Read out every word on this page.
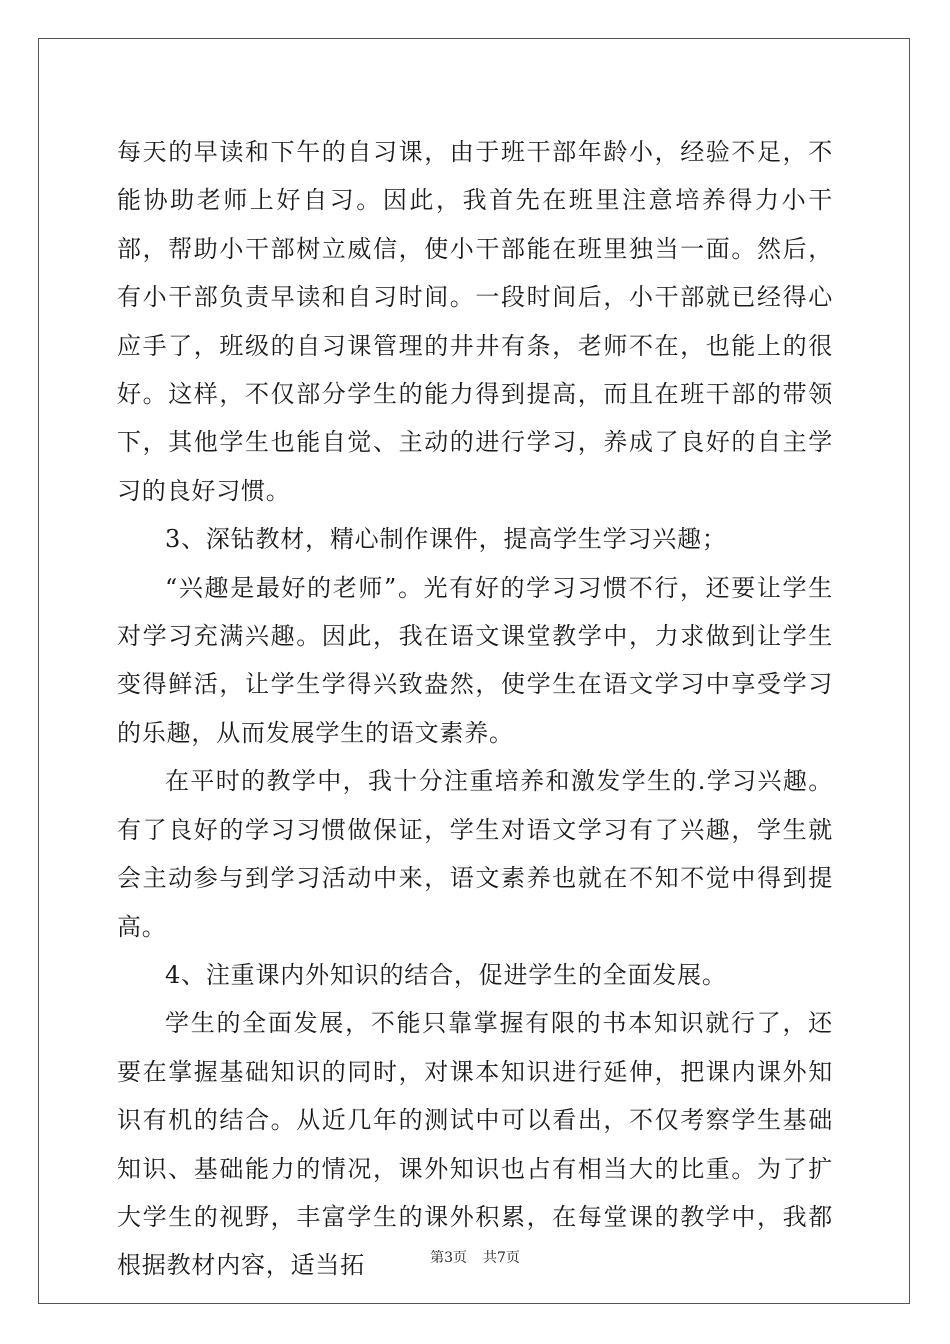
每天的早读和下午的自习课，由于班干部年龄小，经验不足，不能协助老师上好自习。因此，我首先在班里注意培养得力小干部，帮助小干部树立威信，使小干部能在班里独当一面。然后，有小干部负责早读和自习时间。一段时间后，小干部就已经得心应手了，班级的自习课管理的井井有条，老师不在，也能上的很好。这样，不仅部分学生的能力得到提高，而且在班干部的带领下，其他学生也能自觉、主动的进行学习，养成了良好的自主学习的良好习惯。

3、深钻教材，精心制作课件，提高学生学习兴趣；

“兴趣是最好的老师”。光有好的学习习惯不行，还要让学生对学习充满兴趣。因此，我在语文课堂教学中，力求做到让学生变得鲜活，让学生学得兴致盎然，使学生在语文学习中享受学习的乐趣，从而发展学生的语文素养。

在平时的教学中，我十分注重培养和激发学生的.学习兴趣。有了良好的学习习惯做保证，学生对语文学习有了兴趣，学生就会主动参与到学习活动中来，语文素养也就在不知不觉中得到提高。

4、注重课内外知识的结合，促进学生的全面发展。

学生的全面发展，不能只靠掌握有限的书本知识就行了，还要在掌握基础知识的同时，对课本知识进行延伸，把课内课外知识有机的结合。从近几年的测试中可以看出，不仅考察学生基础知识、基础能力的情况，课外知识也占有相当大的比重。为了扩大学生的视野，丰富学生的课外积累，在每堂课的教学中，我都根据教材内容，适当拓	第3页 共7页
